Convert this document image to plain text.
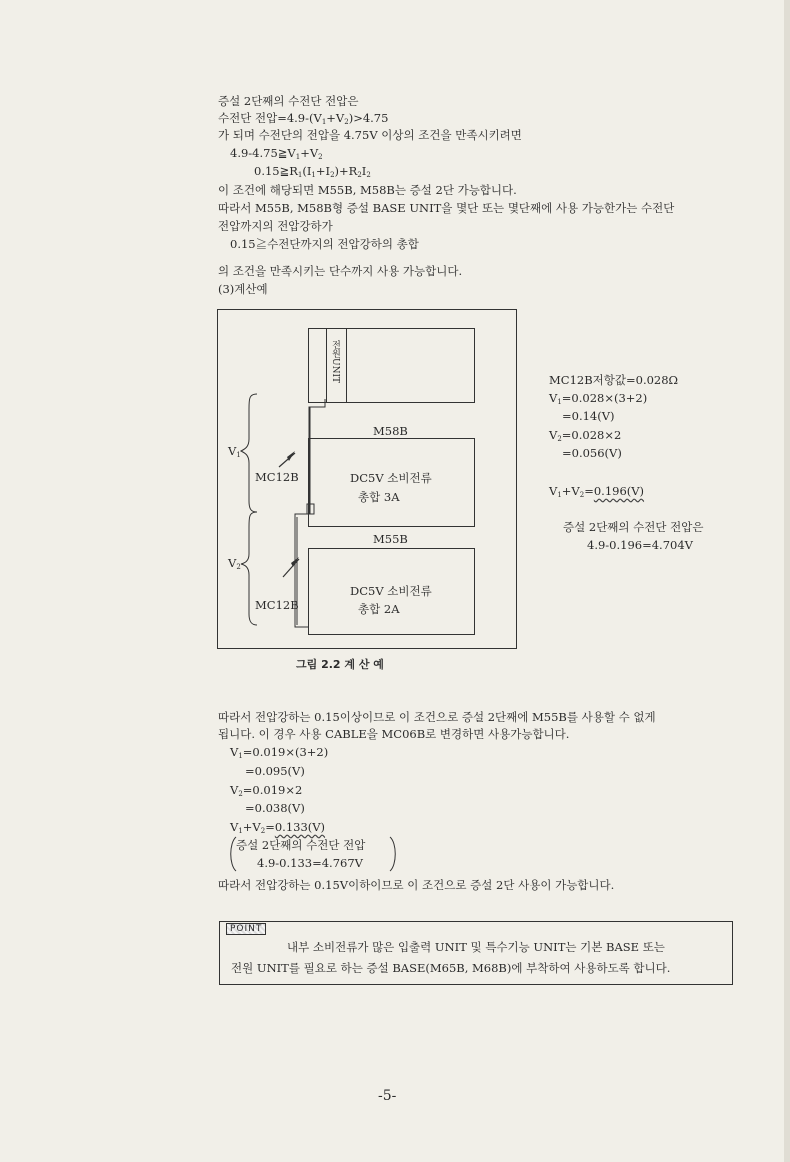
증설 2단째의 수전단 전압은
수전단 전압$=4.9-(V_1+V_2)>4.75$
가 되며 수전단의 전압을 4.75V 이상의 조건을 만족시키려면
$4.9-4.75≧V_1+V_2$
$0.15≧R_1(I_1+I_2)+R_2I_2$
이 조건에 해당되면 M55B, M58B는 증설 2단 가능합니다.
따라서 M55B, M58B형 증설 BASE UNIT을 몇단 또는 몇단째에 사용 가능한가는 수전단
전압까지의 전압강하가
0.15≧수전단까지의 전압강하의 총합
의 조건을 만족시키는 단수까지 사용 가능합니다.
(3)계산예
전원UNIT
M58B
DC5V 소비전류
총합 3A
M55B
DC5V 소비전류
총합 2A
$V_1$
MC12B
$V_2$
MC12B
그림 2.2 계 산 예
MC12B저항값=0.028Ω
$V_1=0.028\times(3+2)$
=0.14(V)
$V_2=0.028\times 2$
=0.056(V)
$V_1+V_2=0.196(V)$
증설 2단째의 수전단 전압은
4.9-0.196=4.704V
따라서 전압강하는 0.15이상이므로 이 조건으로 증설 2단째에 M55B를 사용할 수 없게
됩니다. 이 경우 사용 CABLE을 MC06B로 변경하면 사용가능합니다.
$V_1=0.019\times(3+2)$
=0.095(V)
$V_2=0.019\times 2$
=0.038(V)
$V_1+V_2=0.133(V)$
증설 2단째의 수전단 전압
4.9-0.133=4.767V
따라서 전압강하는 0.15V이하이므로 이 조건으로 증설 2단 사용이 가능합니다.
POINT
내부 소비전류가 많은 입출력 UNIT 및 특수기능 UNIT는 기본 BASE 또는
전원 UNIT를 필요로 하는 증설 BASE(M65B, M68B)에 부착하여 사용하도록 합니다.
-5-
